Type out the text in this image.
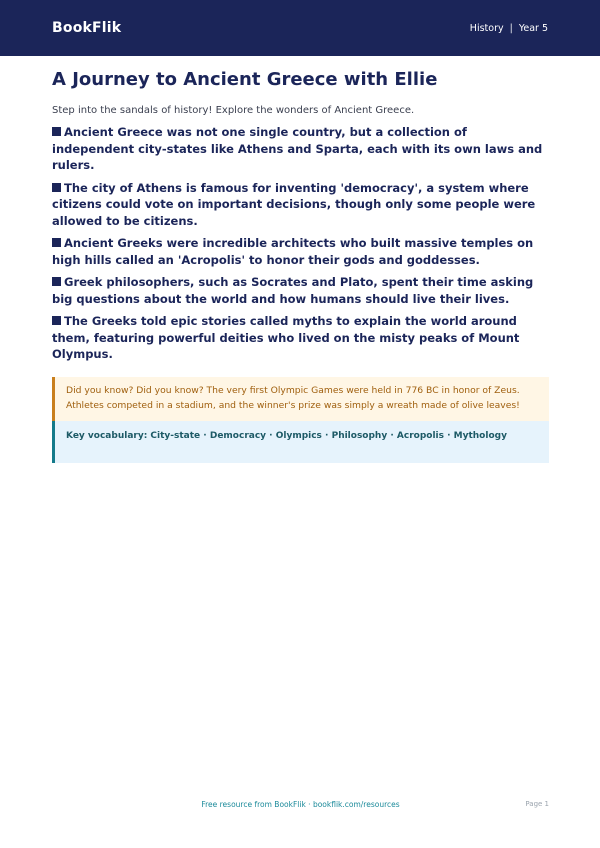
BookFlik	History | Year 5
A Journey to Ancient Greece with Ellie

Step into the sandals of history! Explore the wonders of Ancient Greece.

Ancient Greece was not one single country, but a collection of independent city-states like Athens and Sparta, each with its own laws and rulers.
The city of Athens is famous for inventing 'democracy', a system where citizens could vote on important decisions, though only some people were allowed to be citizens.
Ancient Greeks were incredible architects who built massive temples on high hills called an 'Acropolis' to honor their gods and goddesses.
Greek philosophers, such as Socrates and Plato, spent their time asking big questions about the world and how humans should live their lives.
The Greeks told epic stories called myths to explain the world around them, featuring powerful deities who lived on the misty peaks of Mount Olympus.

Did you know? Did you know? The very first Olympic Games were held in 776 BC in honor of Zeus. Athletes competed in a stadium, and the winner's prize was simply a wreath made of olive leaves!

Key vocabulary: City-state · Democracy · Olympics · Philosophy · Acropolis · Mythology

Free resource from BookFlik · bookflik.com/resources	Page 1
